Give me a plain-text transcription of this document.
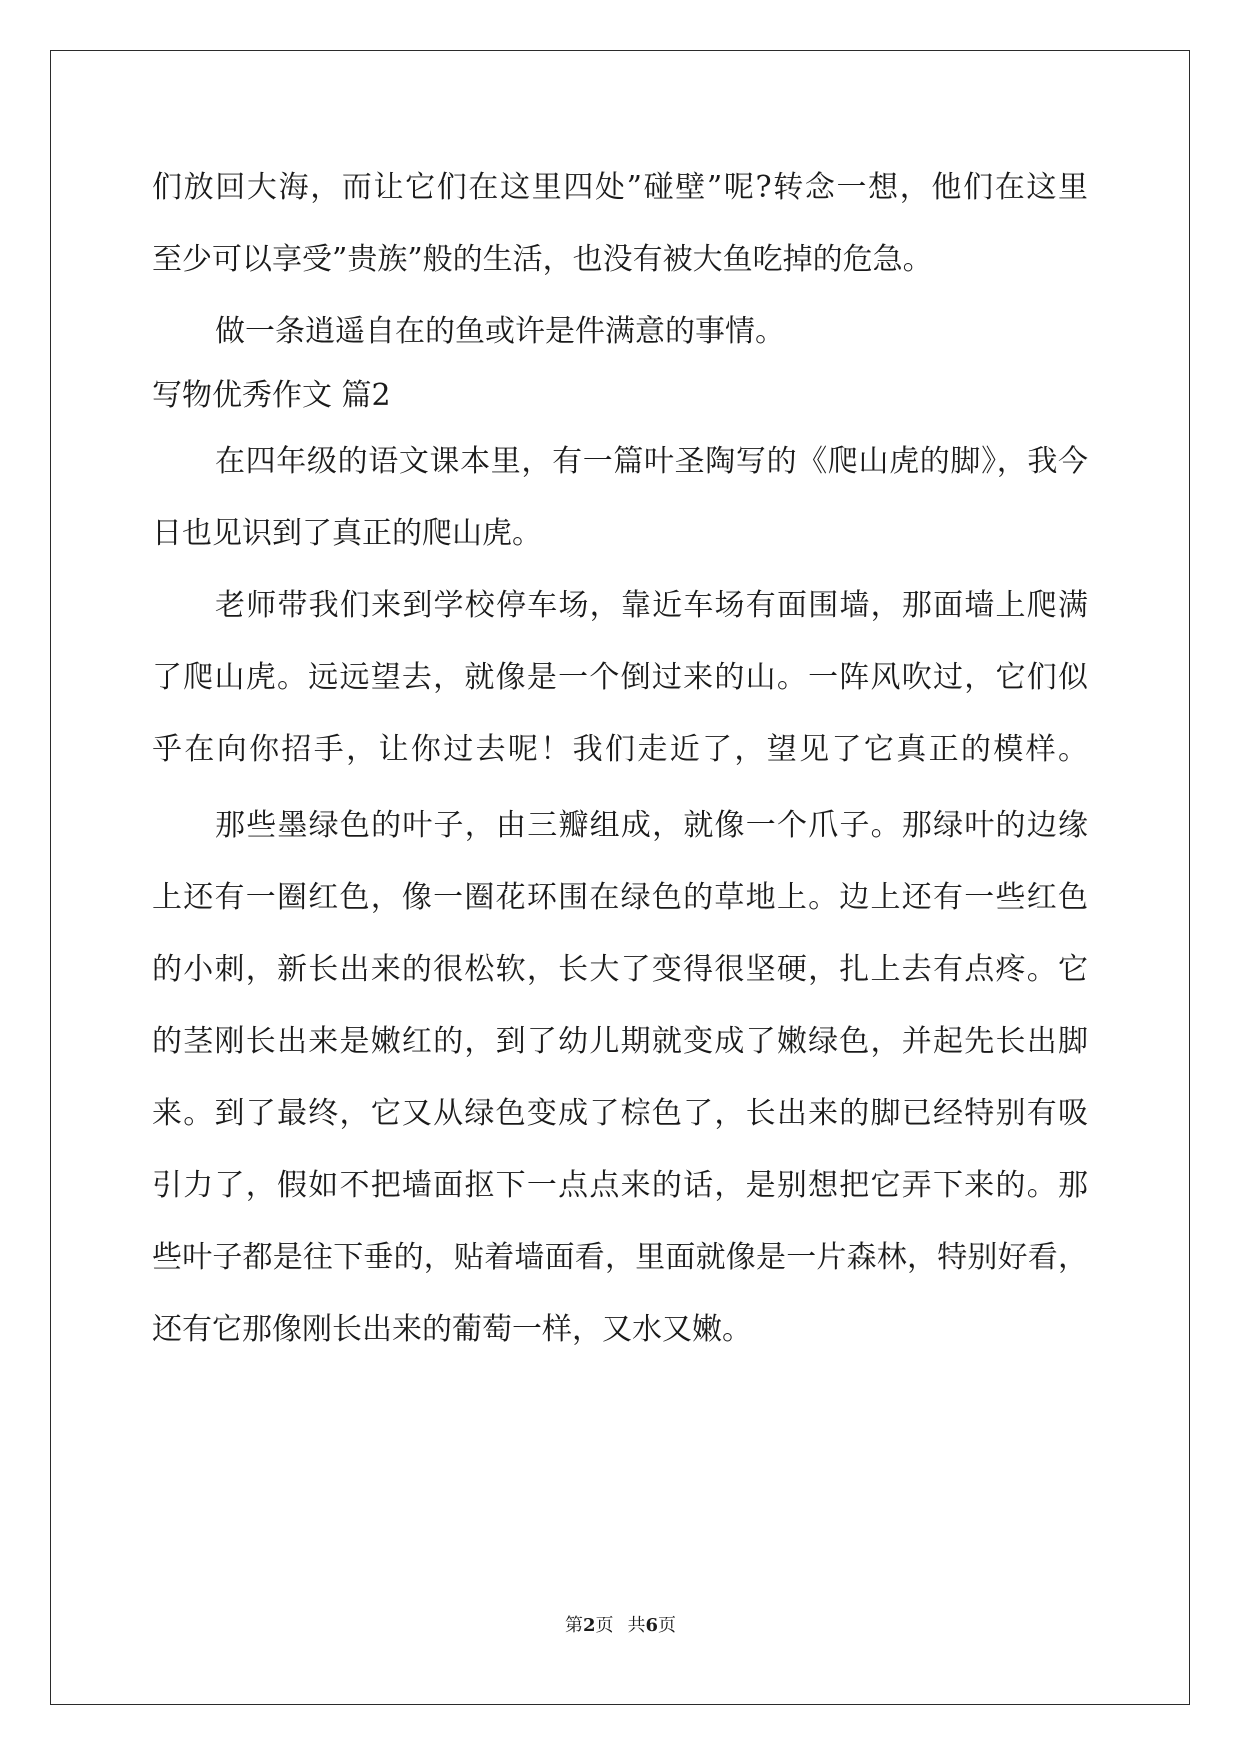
们放回大海，而让它们在这里四处”碰壁”呢?转念一想，他们在这里
至少可以享受”贵族”般的生活，也没有被大鱼吃掉的危急。
做一条逍遥自在的鱼或许是件满意的事情。
写物优秀作文 篇2
在四年级的语文课本里，有一篇叶圣陶写的《爬山虎的脚》，我今
日也见识到了真正的爬山虎。
老师带我们来到学校停车场，靠近车场有面围墙，那面墙上爬满
了爬山虎。远远望去，就像是一个倒过来的山。一阵风吹过，它们似
乎在向你招手，让你过去呢！我们走近了，望见了它真正的模样。
那些墨绿色的叶子，由三瓣组成，就像一个爪子。那绿叶的边缘
上还有一圈红色，像一圈花环围在绿色的草地上。边上还有一些红色
的小刺，新长出来的很松软，长大了变得很坚硬，扎上去有点疼。它
的茎刚长出来是嫩红的，到了幼儿期就变成了嫩绿色，并起先长出脚
来。到了最终，它又从绿色变成了棕色了，长出来的脚已经特别有吸
引力了，假如不把墙面抠下一点点来的话，是别想把它弄下来的。那
些叶子都是往下垂的，贴着墙面看，里面就像是一片森林，特别好看，
还有它那像刚长出来的葡萄一样，又水又嫩。
第2页 共6页
